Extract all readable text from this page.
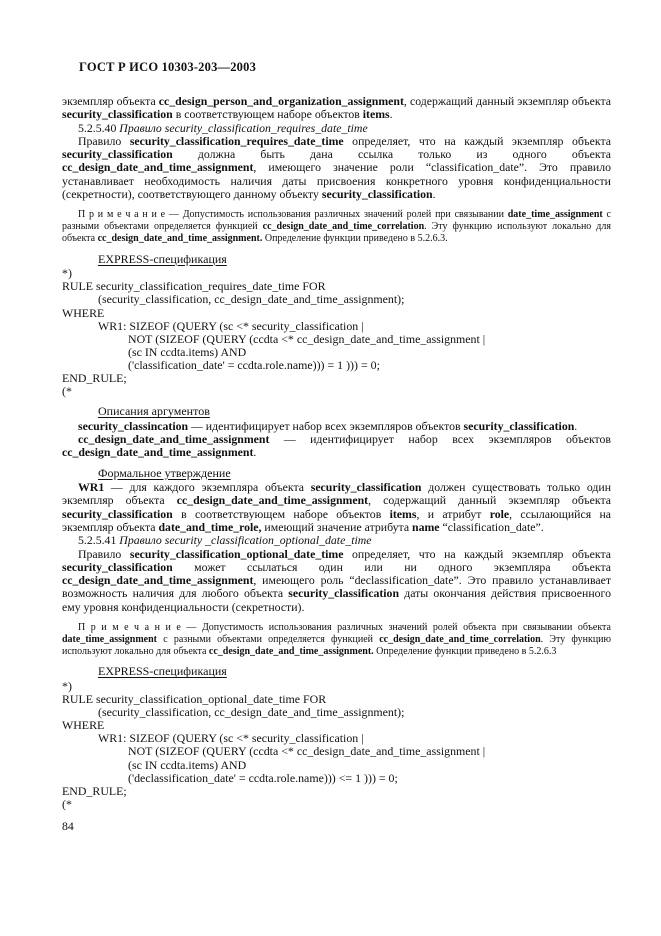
ГОСТ Р ИСО 10303-203—2003

экземпляр объекта cc_design_person_and_organization_assignment, содержащий данный экземпляр объекта security_classification в соответствующем наборе объектов items.

5.2.5.40 Правило security_classification_requires_date_time

Правило security_classification_requires_date_time определяет, что на каждый экземпляр объекта security_classification должна быть дана ссылка только из одного объекта cc_design_date_and_time_assignment, имеющего значение роли “classification_date”. Это правило устанавливает необходимость наличия даты присвоения конкретного уровня конфиденциальности (секретности), соответствующего данному объекту security_classification.

П р и м е ч а н и е — Допустимость использования различных значений ролей при связывании date_time_assignment с разными объектами определяется функцией cc_design_date_and_time_correlation. Эту функцию используют локально для объекта cc_design_date_and_time_assignment. Определение функции приведено в 5.2.6.3.

EXPRESS-спецификация

*)
RULE security_classification_requires_date_time FOR
(security_classification, cc_design_date_and_time_assignment);
WHERE
WR1: SIZEOF (QUERY (sc <* security_classification |
NOT (SIZEOF (QUERY (ccdta <* cc_design_date_and_time_assignment |
(sc IN ccdta.items) AND
('classification_date' = ccdta.role.name))) = 1 ))) = 0;
END_RULE;
(*

Описания аргументов

security_classincation — идентифицирует набор всех экземпляров объектов security_classification.

cc_design_date_and_time_assignment — идентифицирует набор всех экземпляров объектов cc_design_date_and_time_assignment.

Формальное утверждение

WR1 — для каждого экземпляра объекта security_classification должен существовать только один экземпляр объекта cc_design_date_and_time_assignment, содержащий данный экземпляр объекта security_classification в соответствующем наборе объектов items, и атрибут role, ссылающийся на экземпляр объекта date_and_time_role, имеющий значение атрибута name “classification_date”.

5.2.5.41 Правило security _classification_optional_date_time

Правило security_classification_optional_date_time определяет, что на каждый экземпляр объекта security_classification может ссылаться один или ни одного экземпляра объекта cc_design_date_and_time_assignment, имеющего роль “declassification_date”. Это правило устанавливает возможность наличия для любого объекта security_classification даты окончания действия присвоенного ему уровня конфиденциальности (секретности).

П р и м е ч а н и е — Допустимость использования различных значений ролей объекта при связывании объекта date_time_assignment с разными объектами определяется функцией cc_design_date_and_time_correlation. Эту функцию используют локально для объекта cc_design_date_and_time_assignment. Определение функции приведено в 5.2.6.3

EXPRESS-спецификация

*)
RULE security_classification_optional_date_time FOR
(security_classification, cc_design_date_and_time_assignment);
WHERE
WR1: SIZEOF (QUERY (sc <* security_classification |
NOT (SIZEOF (QUERY (ccdta <* cc_design_date_and_time_assignment |
(sc IN ccdta.items) AND
('declassification_date' = ccdta.role.name))) <= 1 ))) = 0;
END_RULE;
(*

84
